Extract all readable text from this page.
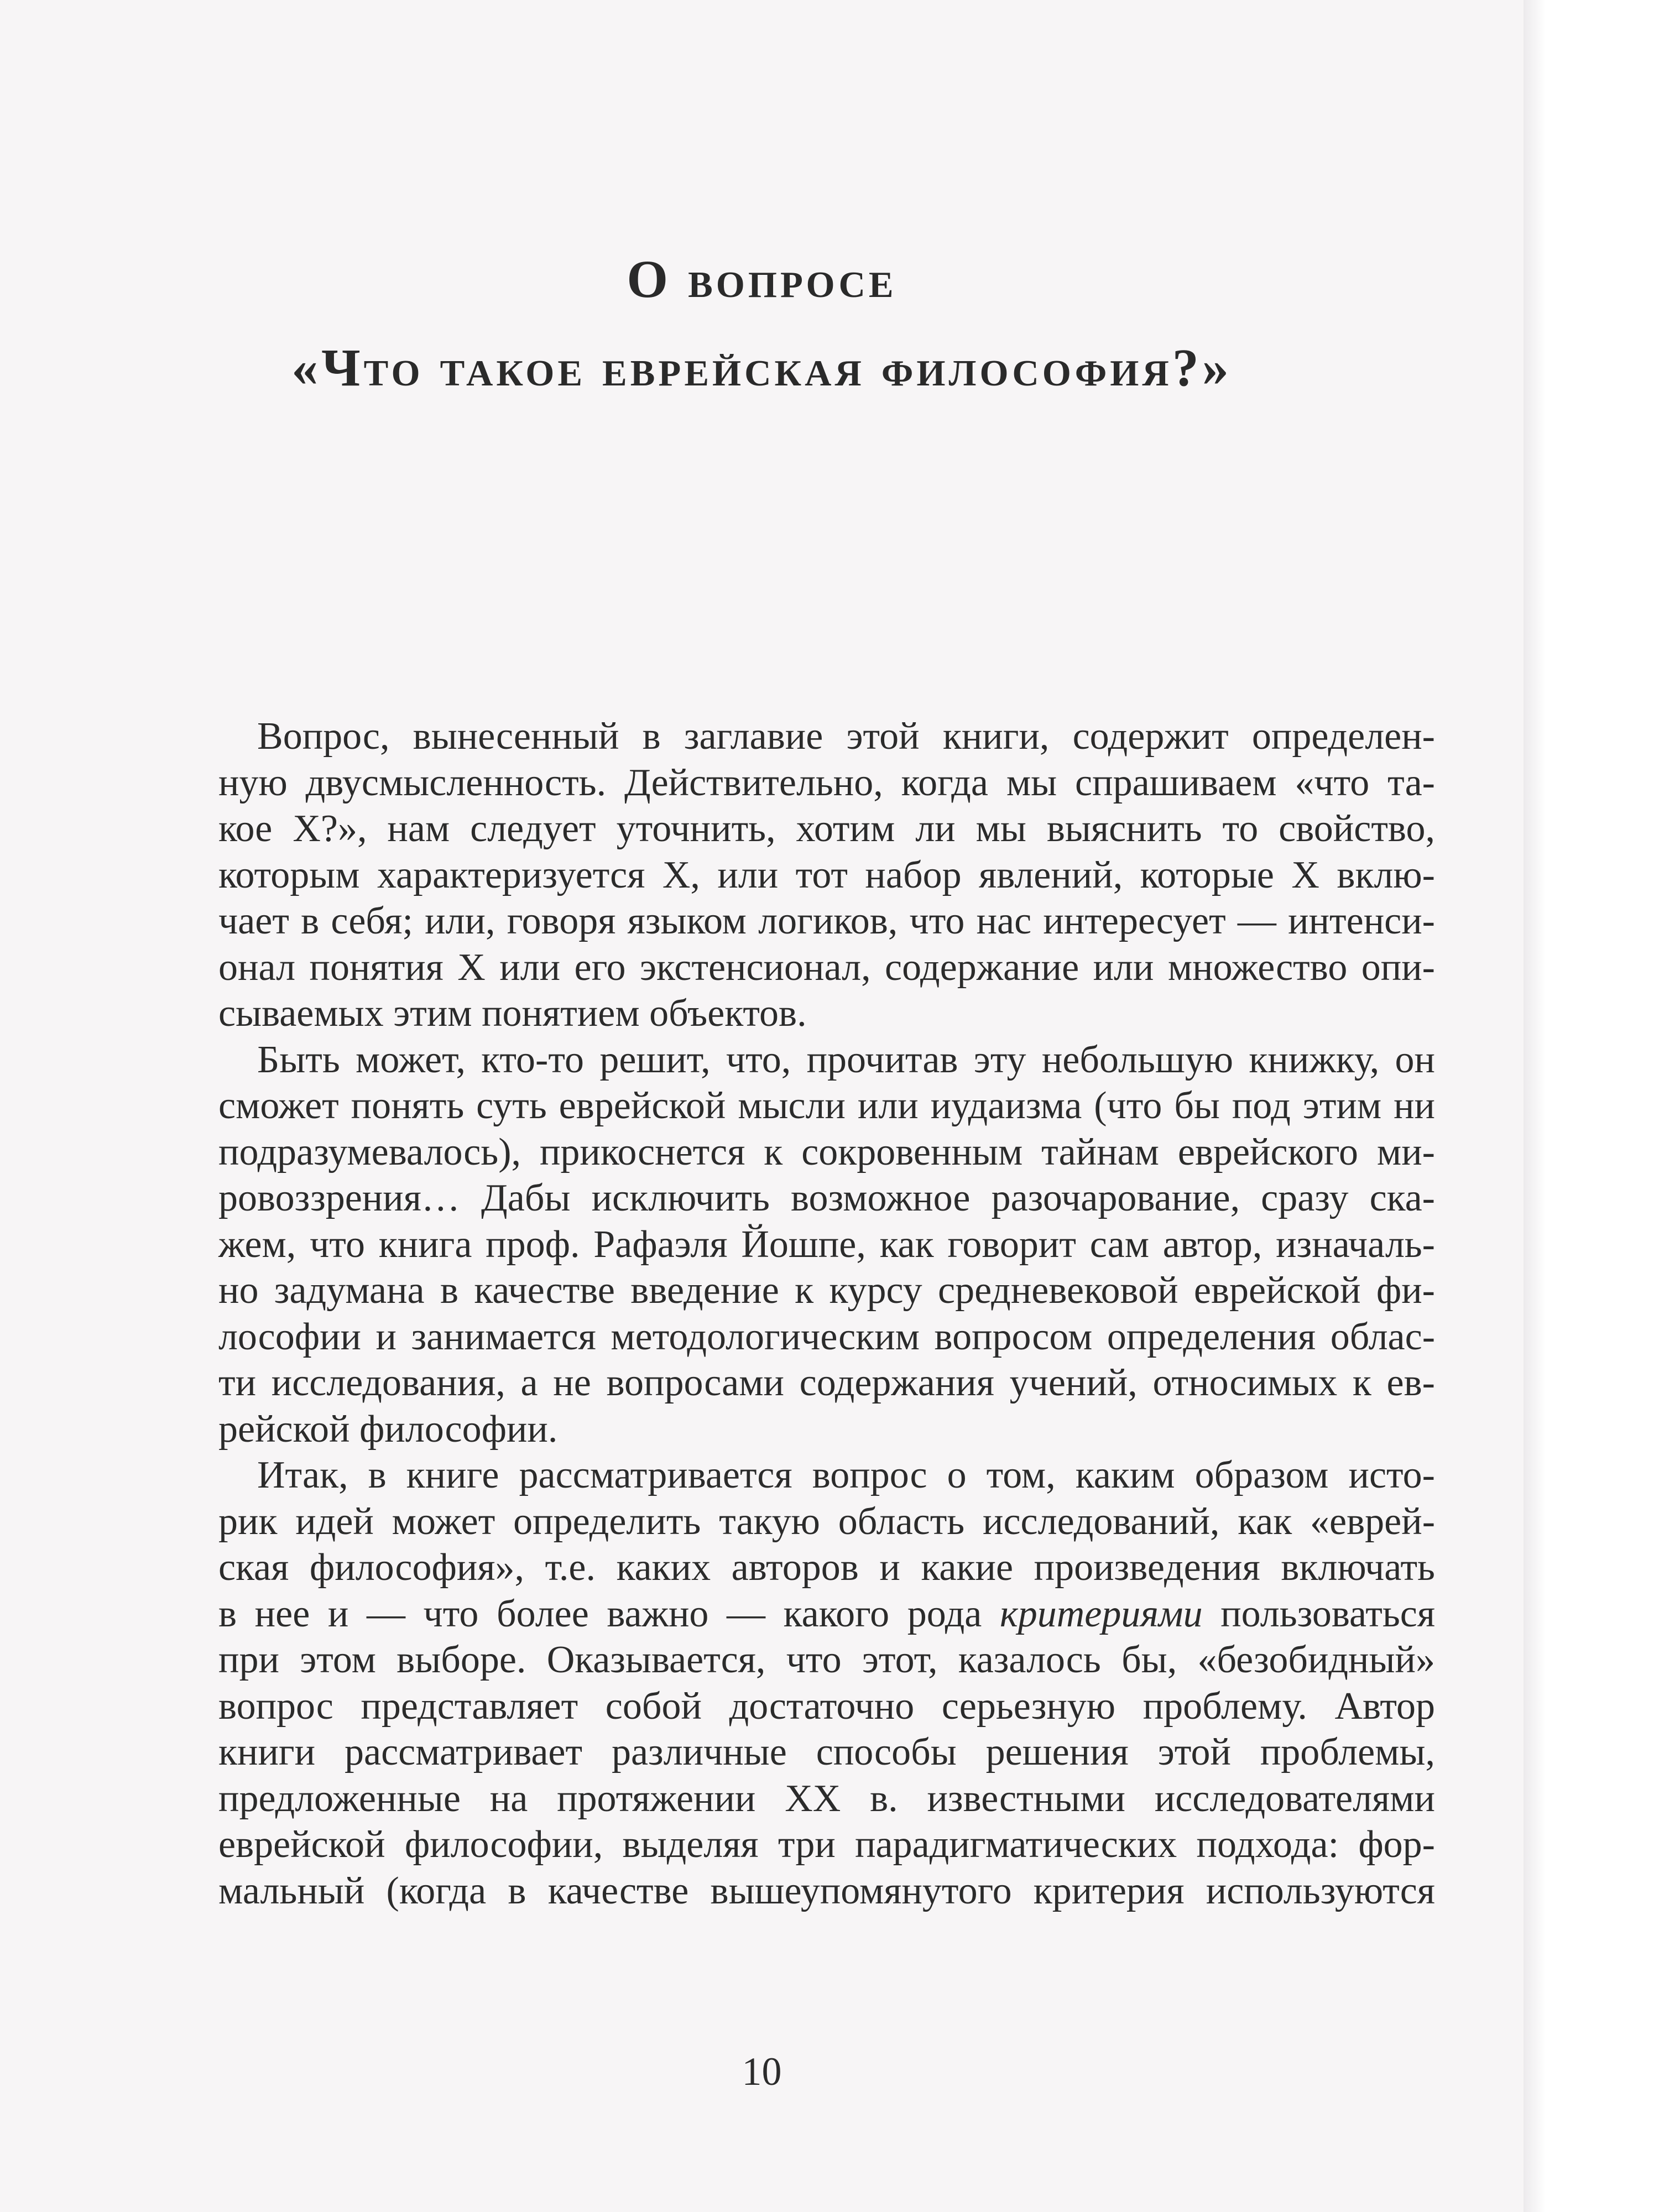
О вопросе
«Что такое еврейская философия?»

Вопрос, вынесенный в заглавие этой книги, содержит определен-
ную двусмысленность. Действительно, когда мы спрашиваем «что та-
кое X?», нам следует уточнить, хотим ли мы выяснить то свойство,
которым характеризуется X, или тот набор явлений, которые X вклю-
чает в себя; или, говоря языком логиков, что нас интересует — интенси-
онал понятия X или его экстенсионал, содержание или множество опи-
сываемых этим понятием объектов.

Быть может, кто-то решит, что, прочитав эту небольшую книжку, он
сможет понять суть еврейской мысли или иудаизма (что бы под этим ни
подразумевалось), прикоснется к сокровенным тайнам еврейского ми-
ровоззрения… Дабы исключить возможное разочарование, сразу ска-
жем, что книга проф. Рафаэля Йошпе, как говорит сам автор, изначаль-
но задумана в качестве введение к курсу средневековой еврейской фи-
лософии и занимается методологическим вопросом определения облас-
ти исследования, а не вопросами содержания учений, относимых к ев-
рейской философии.

Итак, в книге рассматривается вопрос о том, каким образом исто-
рик идей может определить такую область исследований, как «еврей-
ская философия», т.е. каких авторов и какие произведения включать
в нее и — что более важно — какого рода критериями пользоваться
при этом выборе. Оказывается, что этот, казалось бы, «безобидный»
вопрос представляет собой достаточно серьезную проблему. Автор
книги рассматривает различные способы решения этой проблемы,
предложенные на протяжении XX в. известными исследователями
еврейской философии, выделяя три парадигматических подхода: фор-
мальный (когда в качестве вышеупомянутого критерия используются

10
